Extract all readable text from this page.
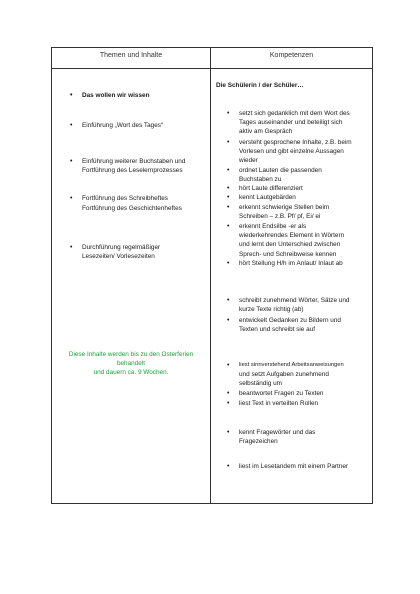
Themen und Inhalte	Kompetenzen
• Das wollen wir wissen
• Einführung „Wort des Tages“
• Einführung weiterer Buchstaben und
Fortführung des Leselernprozesses
• Fortführung des Schreibheftes
Fortführung des Geschichtenheftes
• Durchführung regelmäßiger
Lesezeiten/ Vorlesezeiten
Diese Inhalte werden bis zu den Osterferien
behandelt
und dauern ca. 9 Wochen.
Die Schülerin / der Schüler…
• setzt sich gedanklich mit dem Wort des
Tages auseinander und beteiligt sich
aktiv am Gespräch
• versteht gesprochene Inhalte, z.B. beim
Vorlesen und gibt einzelne Aussagen
wieder
• ordnet Lauten die passenden
Buchstaben zu
• hört Laute differenziert
• kennt Lautgebärden
• erkennt schwierige Stellen beim
Schreiben – z.B. Pf/ pf, Ei/ ei
• erkennt Endsilbe -er als
wiederkehrendes Element in Wörtern
und lernt den Unterschied zwischen
Sprech- und Schreibweise kennen
• hört Stellung H/h im Anlaut/ Inlaut ab
• schreibt zunehmend Wörter, Sätze und
kurze Texte richtig (ab)
• entwickelt Gedanken zu Bildern und
Texten und schreibt sie auf
• liest sinnverstehend Arbeitsanweisungen
und setzt Aufgaben zunehmend
selbständig um
• beantwortet Fragen zu Texten
• liest Text in verteilten Rollen
• kennt Fragewörter und das
Fragezeichen
• liest im Lesetandem mit einem Partner
